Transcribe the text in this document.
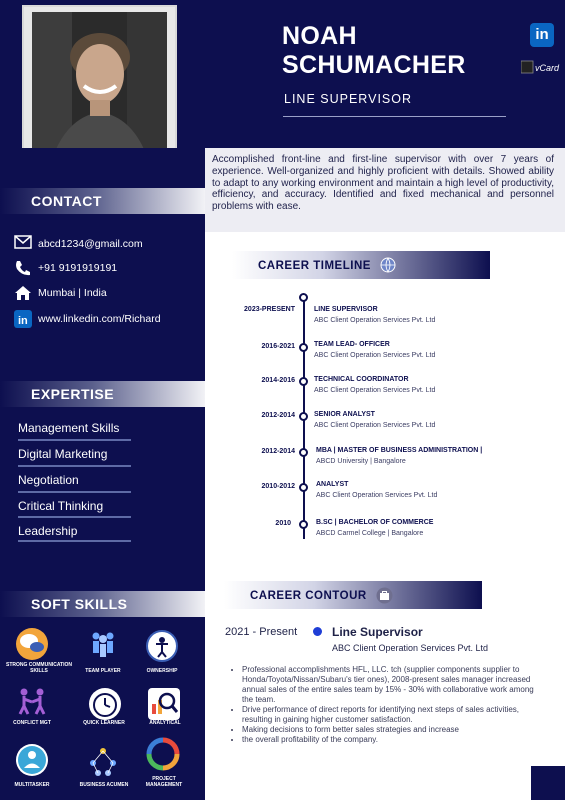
NOAH
SCHUMACHER
LINE SUPERVISOR
in
vCard
Accomplished front-line and first-line supervisor with over 7 years of experience. Well-organized and highly proficient with details. Showed ability to adapt to any working environment and maintain a high level of productivity, efficiency, and accuracy. Identified and fixed mechanical and personnel problems with ease.
CONTACT
abcd1234@gmail.com
+91 9191919191
Mumbai | India
in www.linkedin.com/Richard
EXPERTISE
Management Skills
Digital Marketing
Negotiation
Critical Thinking
Leadership
SOFT SKILLS
STRONG COMMUNICATION SKILLS	TEAM PLAYER	OWNERSHIP
CONFLICT MGT	QUICK LEARNER	ANALYTICAL
MULTITASKER	BUSINESS ACUMEN
PROJECT MANAGEMENT
CAREER TIMELINE
2023-PRESENT	LINE SUPERVISOR
ABC Client Operation Services Pvt. Ltd
2016-2021	TEAM LEAD- OFFICER
ABC Client Operation Services Pvt. Ltd
2014-2016	TECHNICAL COORDINATOR
ABC Client Operation Services Pvt. Ltd
2012-2014	SENIOR ANALYST
ABC Client Operation Services Pvt. Ltd
2012-2014	MBA | MASTER OF BUSINESS ADMINISTRATION |
ABCD University | Bangalore
2010-2012	ANALYST
ABC Client Operation Services Pvt. Ltd
2010	B.SC | BACHELOR OF COMMERCE
ABCD Carmel College | Bangalore
CAREER CONTOUR
2021 - Present	Line Supervisor
ABC Client Operation Services Pvt. Ltd
• Professional accomplishments HFL, LLC. tch (supplier components supplier to Honda/Toyota/Nissan/Subaru's tier ones), 2008-present sales manager increased annual sales of the entire sales team by 15% - 30% with collaborative work among the team.
• Drive performance of direct reports for identifying next steps of sales activities, resulting in gaining higher customer satisfaction.
• Making decisions to form better sales strategies and increase
• the overall profitability of the company.
